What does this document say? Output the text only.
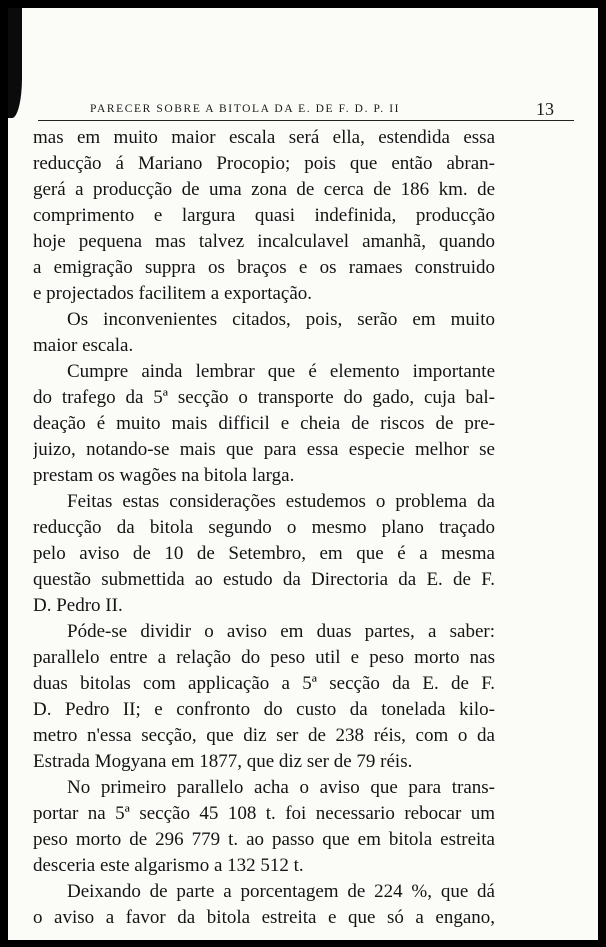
PARECER SOBRE A BITOLA DA E. DE F. D. P. II	13
mas em muito maior escala será ella, estendida essa
reducção á Mariano Procopio; pois que então abran-
gerá a producção de uma zona de cerca de 186 km. de
comprimento e largura quasi indefinida, producção
hoje pequena mas talvez incalculavel amanhã, quando
a emigração suppra os braços e os ramaes construido
e projectados facilitem a exportação.
Os inconvenientes citados, pois, serão em muito
maior escala.
Cumpre ainda lembrar que é elemento importante
do trafego da 5ª secção o transporte do gado, cuja bal-
deação é muito mais difficil e cheia de riscos de pre-
juizo, notando-se mais que para essa especie melhor se
prestam os wagões na bitola larga.
Feitas estas considerações estudemos o problema da
reducção da bitola segundo o mesmo plano traçado
pelo aviso de 10 de Setembro, em que é a mesma
questão submettida ao estudo da Directoria da E. de F.
D. Pedro II.
Póde-se dividir o aviso em duas partes, a saber:
parallelo entre a relação do peso util e peso morto nas
duas bitolas com applicação a 5ª secção da E. de F.
D. Pedro II; e confronto do custo da tonelada kilo-
metro n'essa secção, que diz ser de 238 réis, com o da
Estrada Mogyana em 1877, que diz ser de 79 réis.
No primeiro parallelo acha o aviso que para trans-
portar na 5ª secção 45 108 t. foi necessario rebocar um
peso morto de 296 779 t. ao passo que em bitola estreita
desceria este algarismo a 132 512 t.
Deixando de parte a porcentagem de 224 %, que dá
o aviso a favor da bitola estreita e que só a engano,
